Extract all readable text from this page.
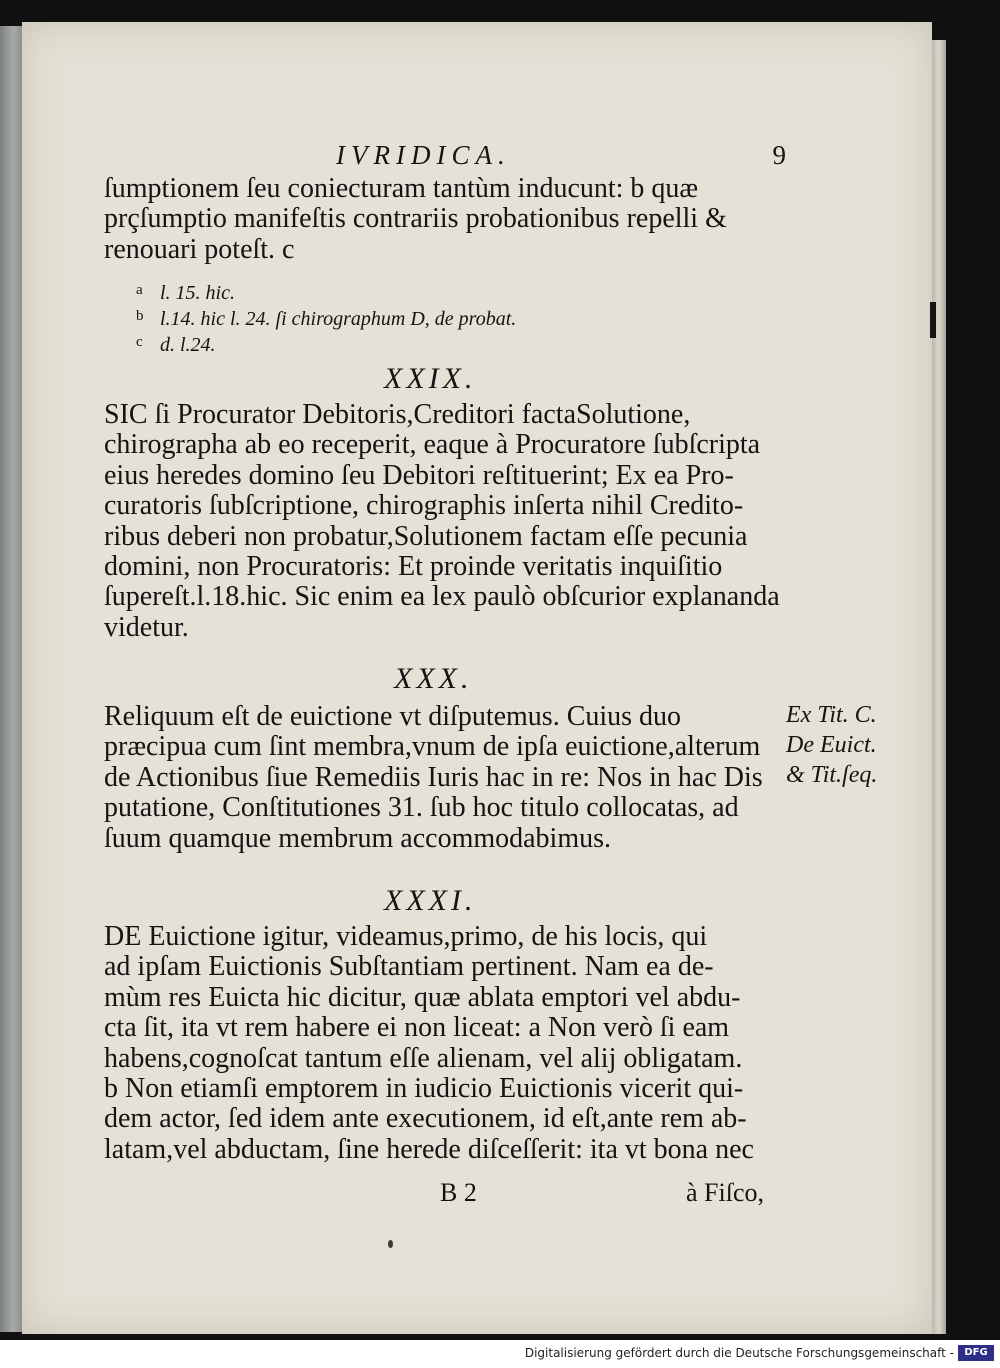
IVRIDICA.	9
ſumptionem ſeu coniecturam tantùm inducunt: b quæ
prçſumptio manifeſtis contrariis probationibus repelli &
renouari poteſt. c
a l. 15. hic.
b l.14. hic l. 24. ſi chirographum D, de probat.
c d. l.24.
XXIX.
SIC ſi Procurator Debitoris,Creditori factaSolutione,
chirographa ab eo receperit, eaque à Procuratore ſubſcripta
eius heredes domino ſeu Debitori reſtituerint; Ex ea Pro-
curatoris ſubſcriptione, chirographis inſerta nihil Credito-
ribus deberi non probatur,Solutionem factam eſſe pecunia
domini, non Procuratoris: Et proinde veritatis inquiſitio
ſupereſt.l.18.hic. Sic enim ea lex paulò obſcurior explananda
videtur.
XXX.
Reliquum eſt de euictione vt diſputemus. Cuius duo
præcipua cum ſint membra,vnum de ipſa euictione,alterum
de Actionibus ſiue Remediis Iuris hac in re: Nos in hac Dis
putatione, Conſtitutiones 31. ſub hoc titulo collocatas, ad
ſuum quamque membrum accommodabimus.
Ex Tit. C.
De Euict.
& Tit.ſeq.
XXXI.
DE Euictione igitur, videamus,primo, de his locis, qui
ad ipſam Euictionis Subſtantiam pertinent. Nam ea de-
mùm res Euicta hic dicitur, quæ ablata emptori vel abdu-
cta ſit, ita vt rem habere ei non liceat: a Non verò ſi eam
habens,cognoſcat tantum eſſe alienam, vel alij obligatam.
b Non etiamſi emptorem in iudicio Euictionis vicerit qui-
dem actor, ſed idem ante executionem, id eſt,ante rem ab-
latam,vel abductam, ſine herede diſceſſerit: ita vt bona nec
B 2	à Fiſco,
Digitalisierung gefördert durch die Deutsche Forschungsgemeinschaft -	DFG
